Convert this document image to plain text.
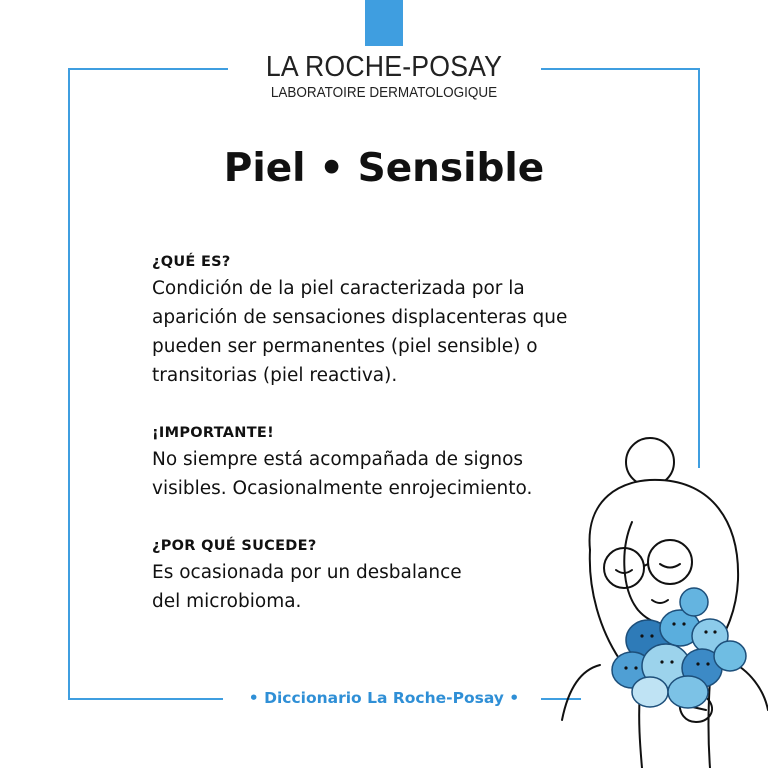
LA ROCHE-POSAY
LABORATOIRE DERMATOLOGIQUE
Piel • Sensible
¿QUÉ ES?

Condición de la piel caracterizada por la
aparición de sensaciones displacenteras que
pueden ser permanentes (piel sensible) o
transitorias (piel reactiva).

¡IMPORTANTE!

No siempre está acompañada de signos
visibles. Ocasionalmente enrojecimiento.

¿POR QUÉ SUCEDE?

Es ocasionada por un desbalance
del microbioma.

• Diccionario La Roche-Posay •
